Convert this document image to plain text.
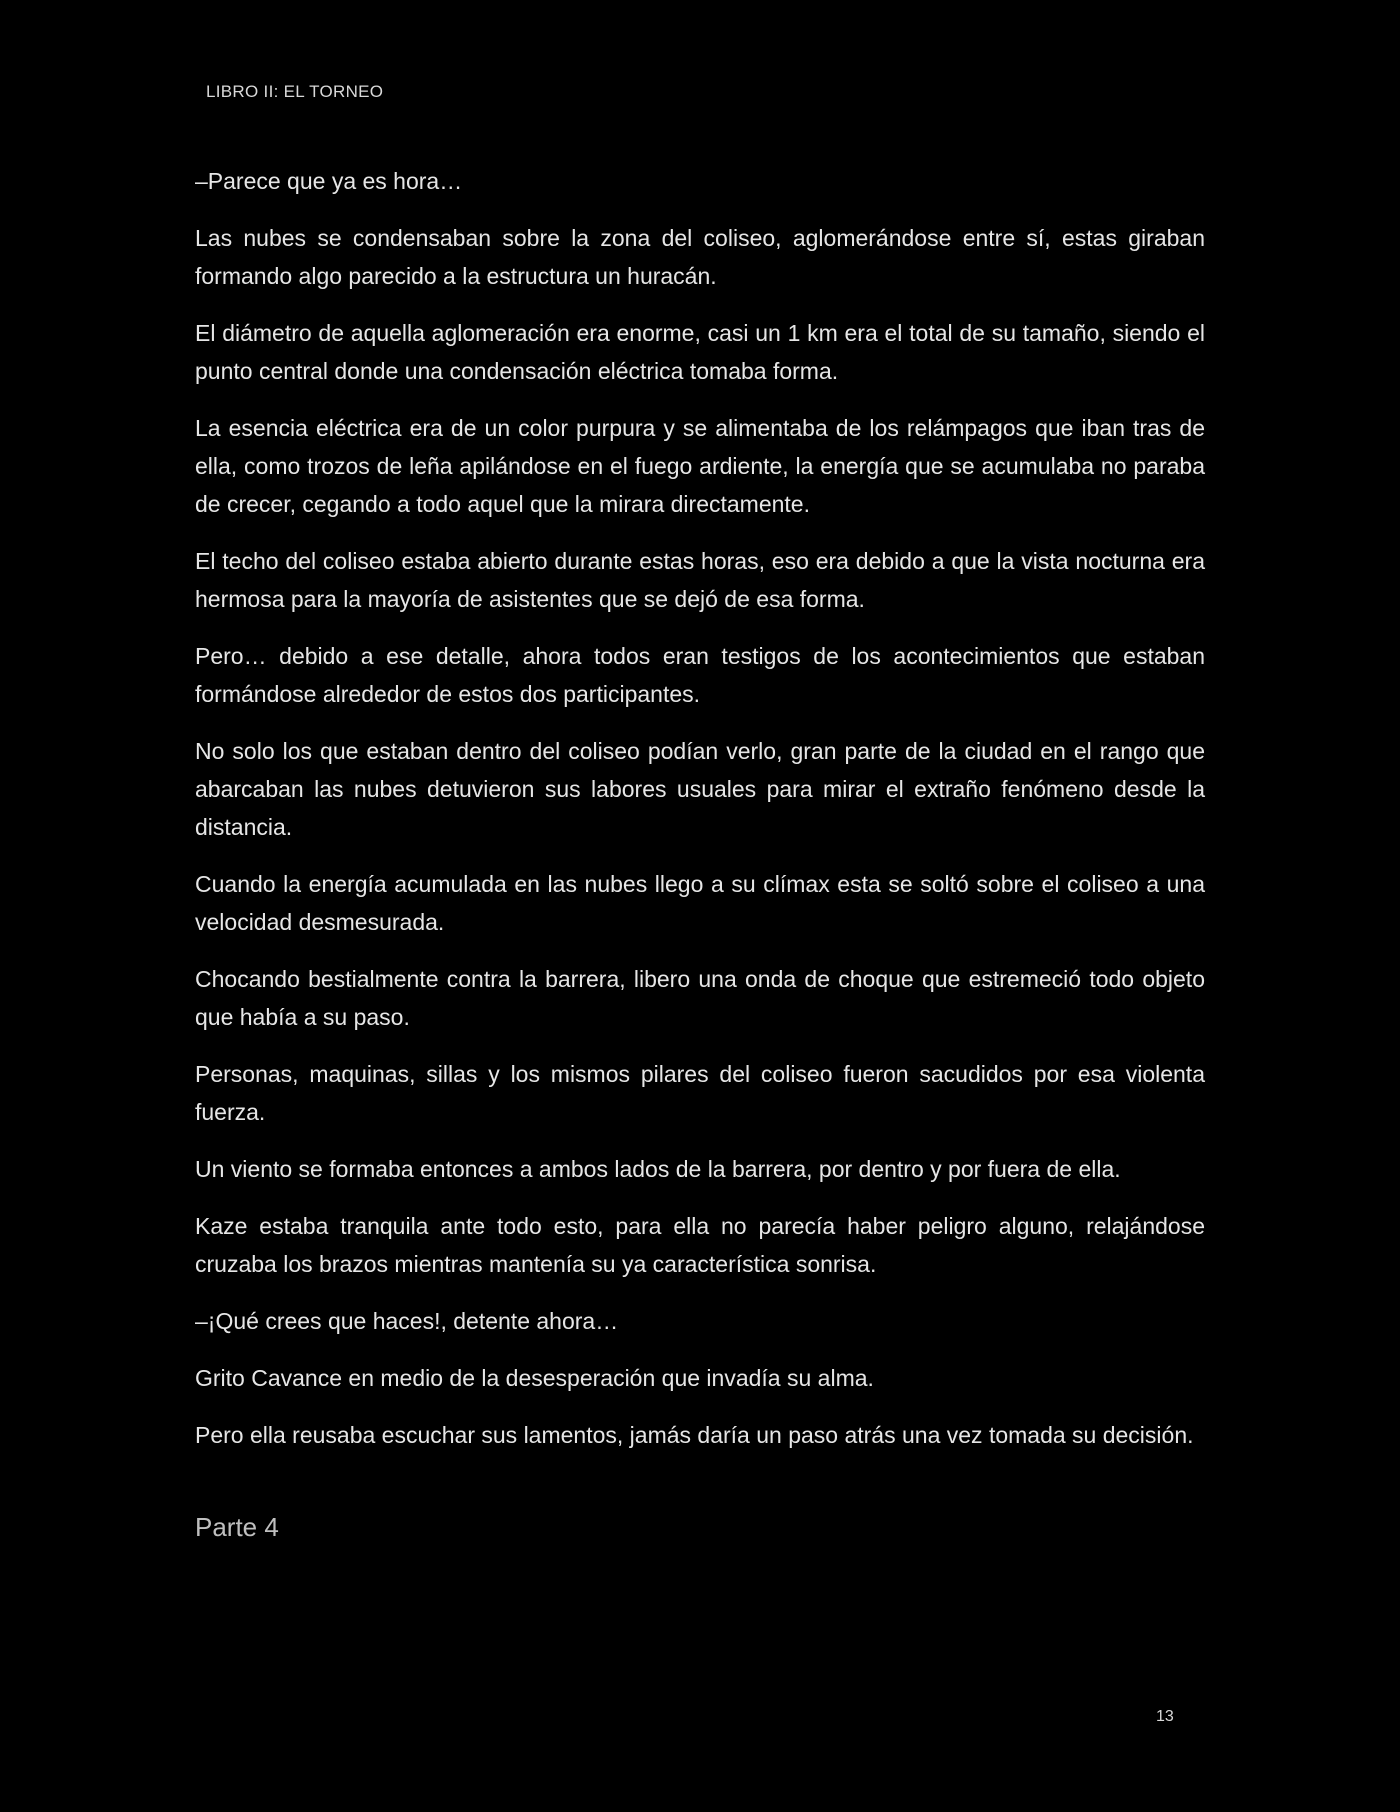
LIBRO II: EL TORNEO

–Parece que ya es hora…

Las nubes se condensaban sobre la zona del coliseo, aglomerándose entre sí, estas giraban formando algo parecido a la estructura un huracán.

El diámetro de aquella aglomeración era enorme, casi un 1 km era el total de su tamaño, siendo el punto central donde una condensación eléctrica tomaba forma.

La esencia eléctrica era de un color purpura y se alimentaba de los relámpagos que iban tras de ella, como trozos de leña apilándose en el fuego ardiente, la energía que se acumulaba no paraba de crecer, cegando a todo aquel que la mirara directamente.

El techo del coliseo estaba abierto durante estas horas, eso era debido a que la vista nocturna era hermosa para la mayoría de asistentes que se dejó de esa forma.

Pero… debido a ese detalle, ahora todos eran testigos de los acontecimientos que estaban formándose alrededor de estos dos participantes.

No solo los que estaban dentro del coliseo podían verlo, gran parte de la ciudad en el rango que abarcaban las nubes detuvieron sus labores usuales para mirar el extraño fenómeno desde la distancia.

Cuando la energía acumulada en las nubes llego a su clímax esta se soltó sobre el coliseo a una velocidad desmesurada.

Chocando bestialmente contra la barrera, libero una onda de choque que estremeció todo objeto que había a su paso.

Personas, maquinas, sillas y los mismos pilares del coliseo fueron sacudidos por esa violenta fuerza.

Un viento se formaba entonces a ambos lados de la barrera, por dentro y por fuera de ella.

Kaze estaba tranquila ante todo esto, para ella no parecía haber peligro alguno, relajándose cruzaba los brazos mientras mantenía su ya característica sonrisa.

–¡Qué crees que haces!, detente ahora…

Grito Cavance en medio de la desesperación que invadía su alma.

Pero ella reusaba escuchar sus lamentos, jamás daría un paso atrás una vez tomada su decisión.

Parte 4
13
